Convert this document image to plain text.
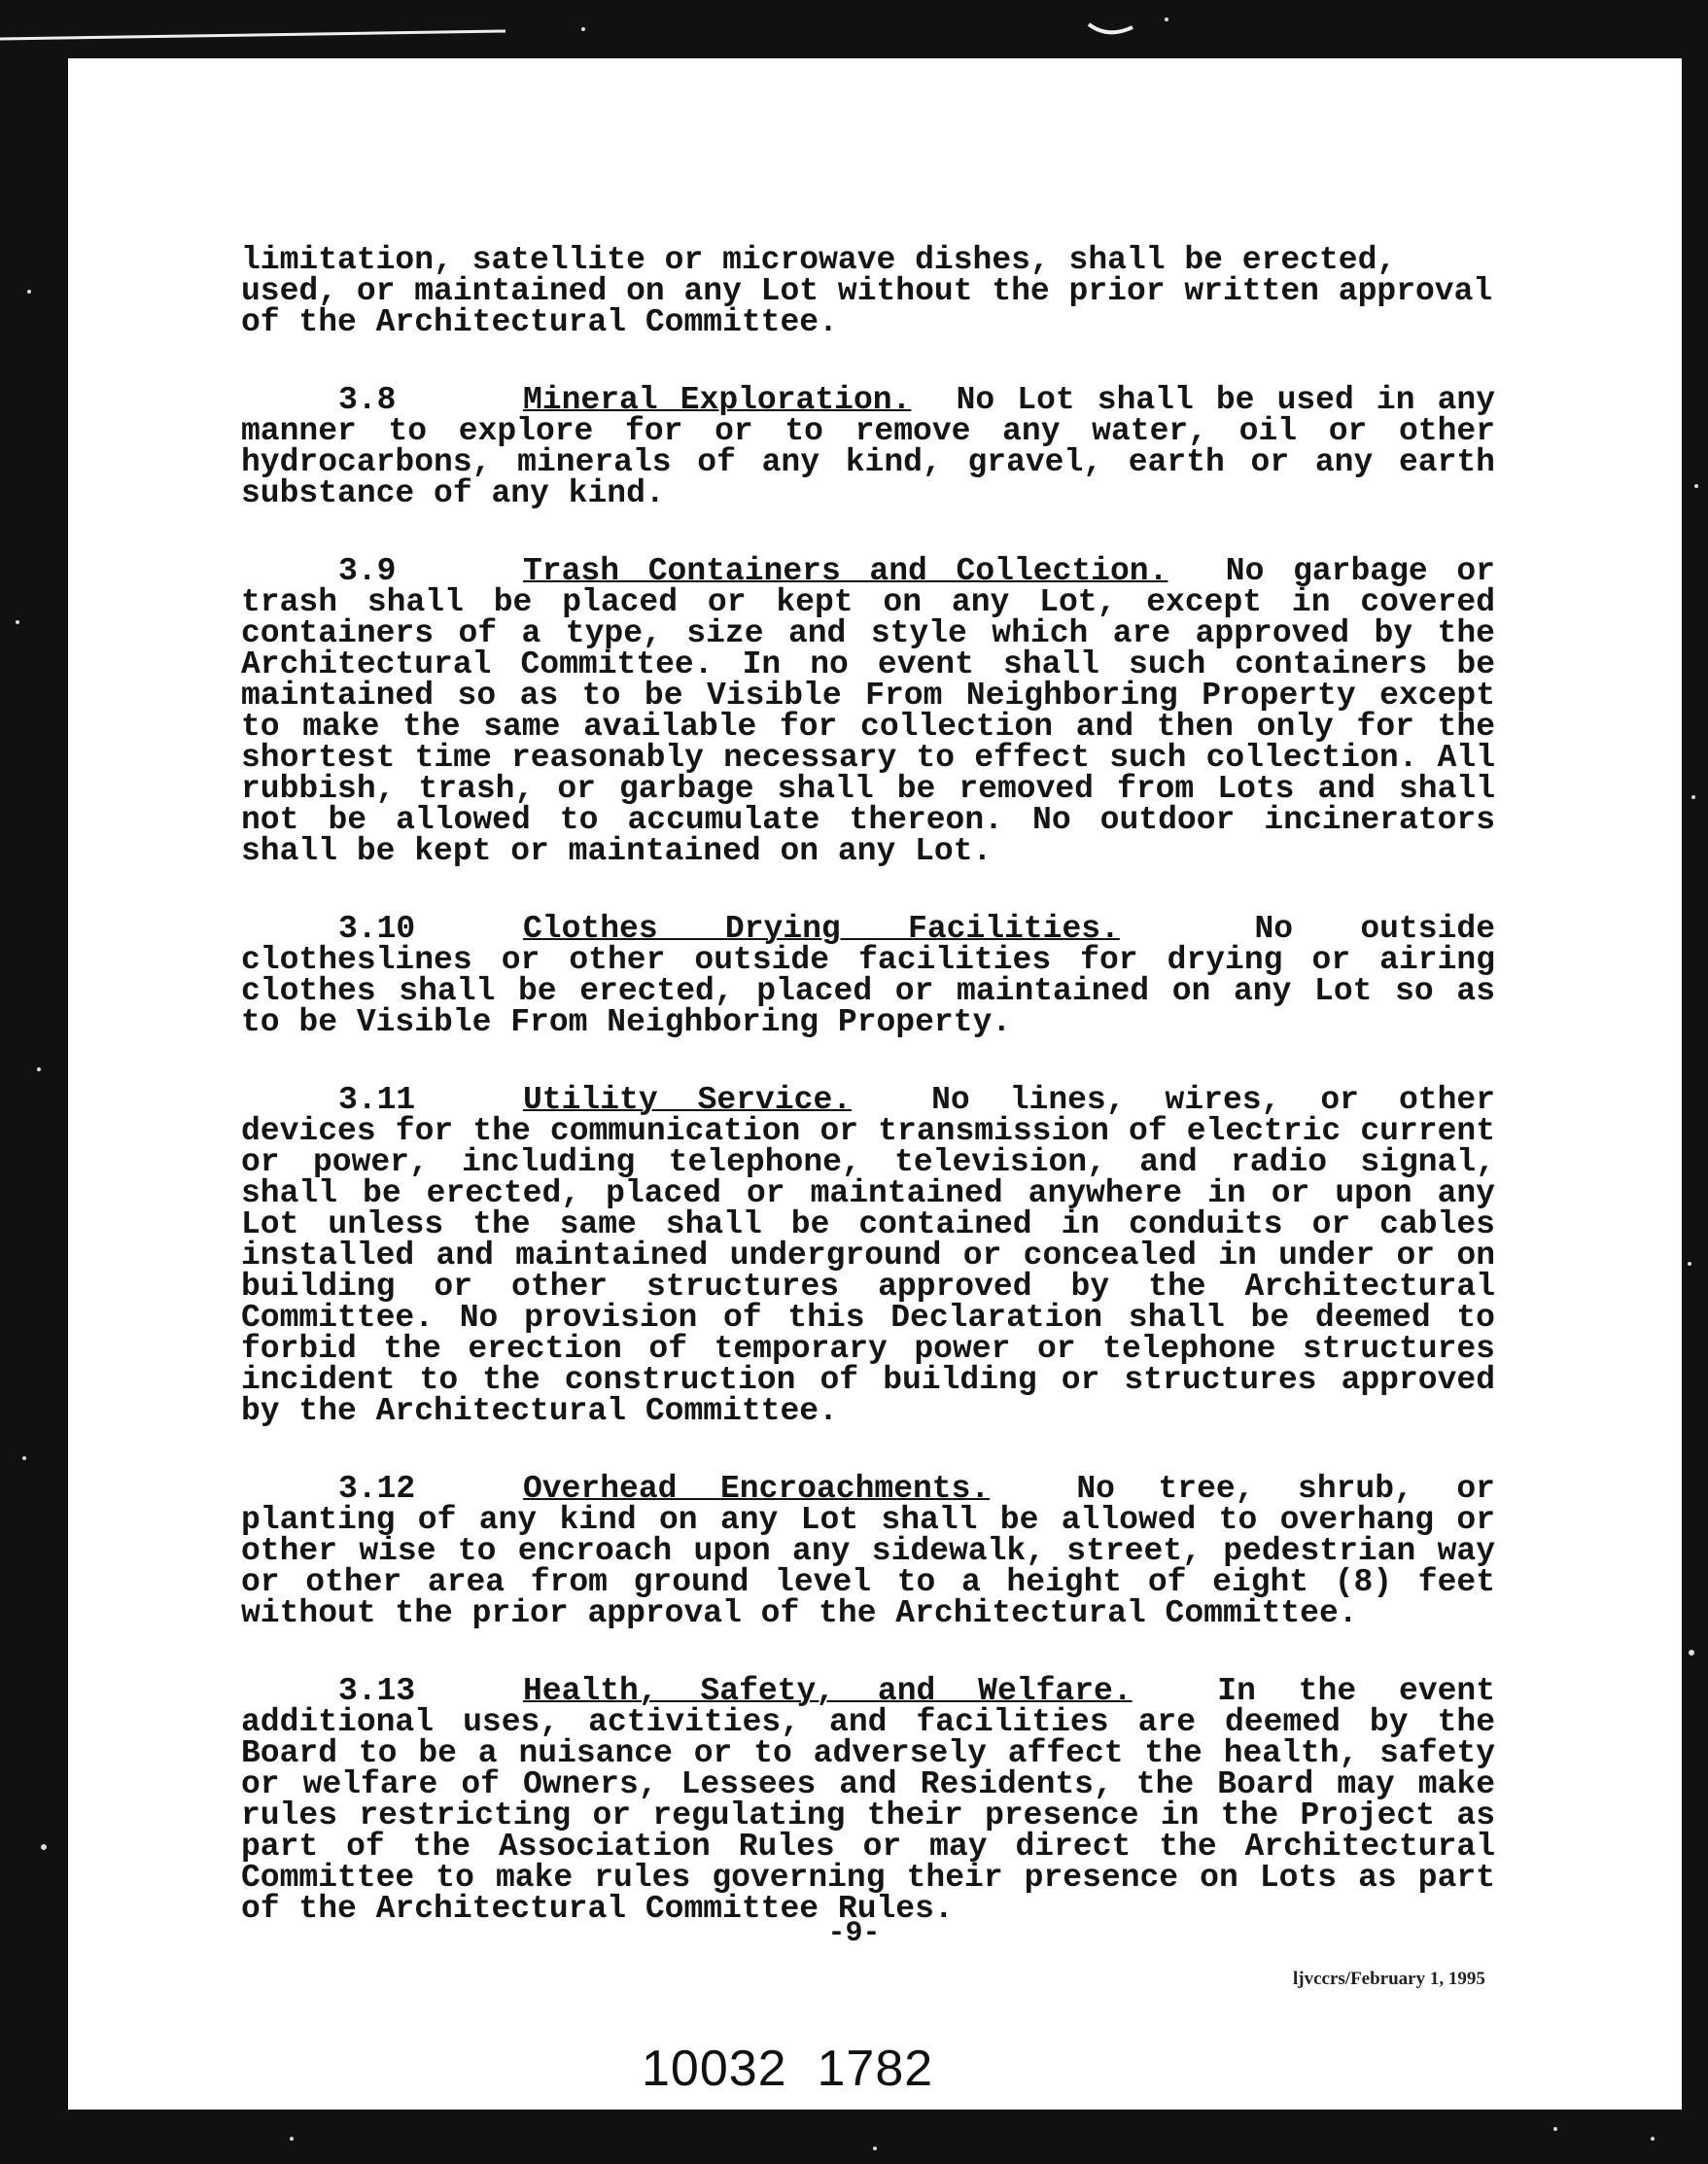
limitation, satellite or microwave dishes, shall be erected, used, or maintained on any Lot without the prior written approval of the Architectural Committee.

3.8	Mineral Exploration. No Lot shall be used in any manner to explore for or to remove any water, oil or other hydrocarbons, minerals of any kind, gravel, earth or any earth substance of any kind.

3.9	Trash Containers and Collection. No garbage or trash shall be placed or kept on any Lot, except in covered containers of a type, size and style which are approved by the Architectural Committee. In no event shall such containers be maintained so as to be Visible From Neighboring Property except to make the same available for collection and then only for the shortest time reasonably necessary to effect such collection. All rubbish, trash, or garbage shall be removed from Lots and shall not be allowed to accumulate thereon. No outdoor incinerators shall be kept or maintained on any Lot.

3.10	Clothes Drying Facilities.	No outside clotheslines or other outside facilities for drying or airing clothes shall be erected, placed or maintained on any Lot so as to be Visible From Neighboring Property.

3.11	Utility Service. No lines, wires, or other devices for the communication or transmission of electric current or power, including telephone, television, and radio signal, shall be erected, placed or maintained anywhere in or upon any Lot unless the same shall be contained in conduits or cables installed and maintained underground or concealed in under or on building or other structures approved by the Architectural Committee. No provision of this Declaration shall be deemed to forbid the erection of temporary power or telephone structures incident to the construction of building or structures approved by the Architectural Committee.

3.12	Overhead Encroachments.	No tree, shrub, or planting of any kind on any Lot shall be allowed to overhang or other wise to encroach upon any sidewalk, street, pedestrian way or other area from ground level to a height of eight (8) feet without the prior approval of the Architectural Committee.

3.13	Health, Safety, and Welfare.	In the event additional uses, activities, and facilities are deemed by the Board to be a nuisance or to adversely affect the health, safety or welfare of Owners, Lessees and Residents, the Board may make rules restricting or regulating their presence in the Project as part of the Association Rules or may direct the Architectural Committee to make rules governing their presence on Lots as part of the Architectural Committee Rules.

-9-
ljvccrs/February 1, 1995
10032  1782
